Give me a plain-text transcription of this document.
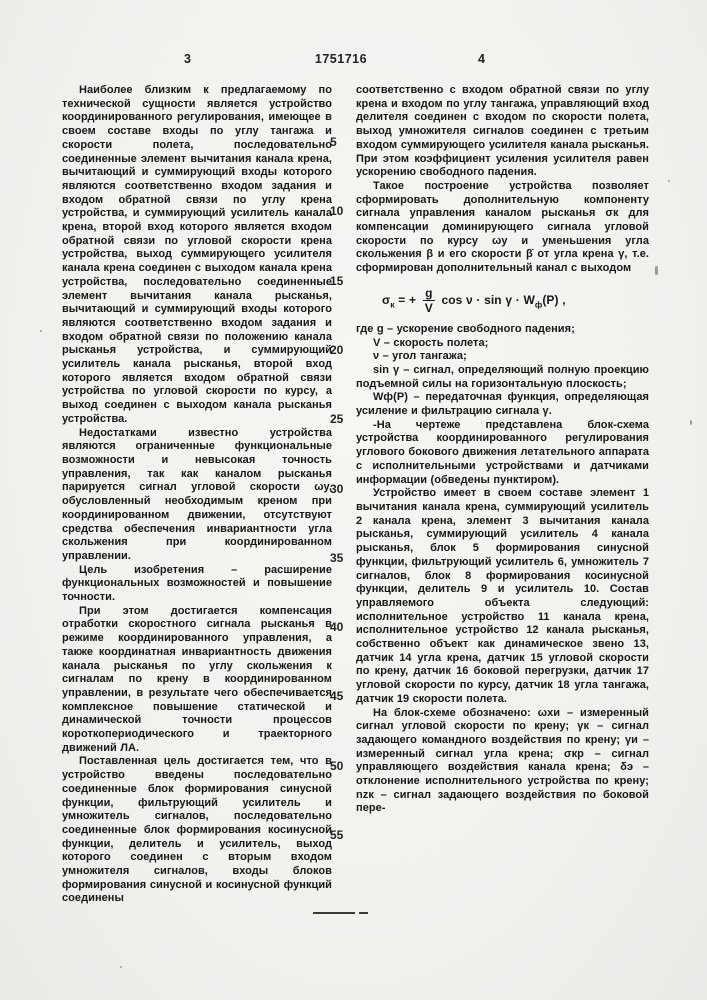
3	1751716	4
5
10
15
20
25
30
35
40
45
50
55

Наиболее близким к предлагаемому по технической сущности является устройство координированного регулирования, имеющее в своем составе входы по углу тангажа и скорости полета, последовательно соединенные элемент вычитания канала крена, вычитающий и суммирующий входы которого являются соответственно входом задания и входом обратной связи по углу крена устройства, и суммирующий усилитель канала крена, второй вход которого является входом обратной связи по угловой скорости крена устройства, выход суммирующего усилителя канала крена соединен с выходом канала крена устройства, последовательно соединенные элемент вычитания канала рысканья, вычитающий и суммирующий входы которого являются соответственно входом задания и входом обратной связи по положению канала рысканья устройства, и суммирующий усилитель канала рысканья, второй вход которого является входом обратной связи устройства по угловой скорости по курсу, а выход соединен с выходом канала рысканья устройства.

Недостатками известно устройства являются ограниченные функциональные возможности и невысокая точность управления, так как каналом рысканья парируется сигнал угловой скорости ωу, обусловленный необходимым креном при координированном движении, отсутствуют средства обеспечения инвариантности угла скольжения при координированном управлении.

Цель изобретения – расширение функциональных возможностей и повышение точности.

При этом достигается компенсация отработки скоростного сигнала рысканья в режиме координированного управления, а также координатная инвариантность движения канала рысканья по углу скольжения к сигналам по крену в координированном управлении, в результате чего обеспечивается комплексное повышение статической и динамической точности процессов короткопериодического и траекторного движений ЛА.

Поставленная цель достигается тем, что в устройство введены последовательно соединенные блок формирования синусной функции, фильтрующий усилитель и умножитель сигналов, последовательно соединенные блок формирования косинусной функции, делитель и усилитель, выход которого соединен с вторым входом умножителя сигналов, входы блоков формирования синусной и косинусной функций соединены

соответственно с входом обратной связи по углу крена и входом по углу тангажа, управляющий вход делителя соединен с входом по скорости полета, выход умножителя сигналов соединен с третьим входом суммирующего усилителя канала рысканья. При этом коэффициент усиления усилителя равен ускорению свободного падения.

Такое построение устройства позволяет сформировать дополнительную компоненту сигнала управления каналом рысканья σк для компенсации доминирующего сигнала угловой скорости по курсу ωу и уменьшения угла скольжения β и его скорости β̇ от угла крена γ, т.е. сформирован дополнительный канал с выходом

$\sigma_к$ = + $\frac{g}{V}$ $\cos \nu \cdot \sin \gamma \cdot W_ф(P)$ ,

где g – ускорение свободного падения;

V – скорость полета;

ν – угол тангажа;

sin γ – сигнал, определяющий полную проекцию подъемной силы на горизонтальную плоскость;

Wф(Р) – передаточная функция, определяющая усиление и фильтрацию сигнала γ.

-На чертеже представлена блок-схема устройства координированного регулирования углового бокового движения летательного аппарата с исполнительными устройствами и датчиками информации (обведены пунктиром).

Устройство имеет в своем составе элемент 1 вычитания канала крена, суммирующий усилитель 2 канала крена, элемент 3 вычитания канала рысканья, суммирующий усилитель 4 канала рысканья, блок 5 формирования синусной функции, фильтрующий усилитель 6, умножитель 7 сигналов, блок 8 формирования косинусной функции, делитель 9 и усилитель 10. Состав управляемого объекта следующий: исполнительное устройство 11 канала крена, исполнительное устройство 12 канала рысканья, собственно объект как динамическое звено 13, датчик 14 угла крена, датчик 15 угловой скорости по крену, датчик 16 боковой перегрузки, датчик 17 угловой скорости по курсу, датчик 18 угла тангажа, датчик 19 скорости полета.

На блок-схеме обозначено: ωхи – измеренный сигнал угловой скорости по крену; γк – сигнал задающего командного воздействия по крену; γи – измеренный сигнал угла крена; σкр – сигнал управляющего воздействия канала крена; δэ – отклонение исполнительного устройства по крену; nzк – сигнал задающего воздействия по боковой пере-
